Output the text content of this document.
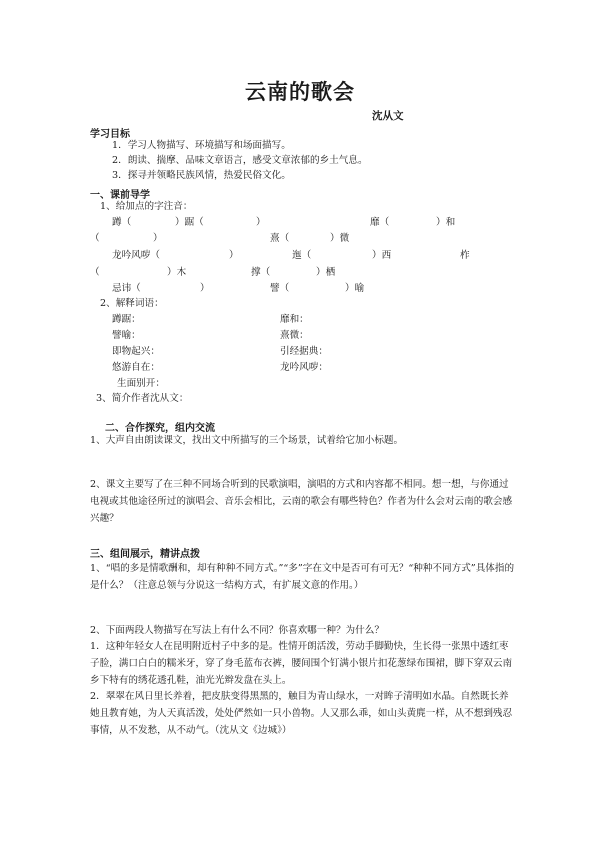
云南的歌会
沈从文
学习目标
1．学习人物描写、环境描写和场面描写。
2．朗读、揣摩、品味文章语言，感受文章浓郁的乡土气息。
3．探寻并领略民族风情，热爱民俗文化。
一、课前导学
1、给加点的字注音：
蹲（	）踞（	）	靡（	）和
（	）	熹（	）微
龙吟风哕（	）	迤（	）西	柞
（	）木	撑（	）栖
忌讳（	）	譬（	）喻
2、解释词语：
蹲踞：	靡和：
譬喻：	熹微：
即物起兴：	引经据典：
悠游自在：	龙吟风哕：
生面别开：
3、简介作者沈从文：
二、合作探究，组内交流
1、大声自由朗读课文，找出文中所描写的三个场景，试着给它加小标题。
2、课文主要写了在三种不同场合听到的民歌演唱，演唱的方式和内容都不相同。想一想，与你通过电视或其他途径所过的演唱会、音乐会相比，云南的歌会有哪些特色？作者为什么会对云南的歌会感兴趣？
三、组间展示，精讲点拨
1、“唱的多是情歌酬和，却有种种不同方式。”“多”字在文中是否可有可无？“种种不同方式”具体指的是什么？（注意总领与分说这一结构方式，有扩展文意的作用。）
2、下面两段人物描写在写法上有什么不同？你喜欢哪一种？为什么？
1．这种年轻女人在昆明附近村子中多的是。性情开朗活泼，劳动手脚勤快，生长得一张黑中透红枣子脸，满口白白的糯米牙，穿了身毛蓝布衣裤，腰间围个钉满小银片扣花葱绿布围裙，脚下穿双云南乡下特有的绣花透孔鞋，油光光辫发盘在头上。
2．翠翠在风日里长养着，把皮肤变得黑黑的，触目为青山绿水，一对眸子清明如水晶。自然既长养她且教育她，为人天真活泼，处处俨然如一只小兽物。人又那么乖，如山头黄麂一样，从不想到残忍事情，从不发愁，从不动气。（沈从文《边城》）
